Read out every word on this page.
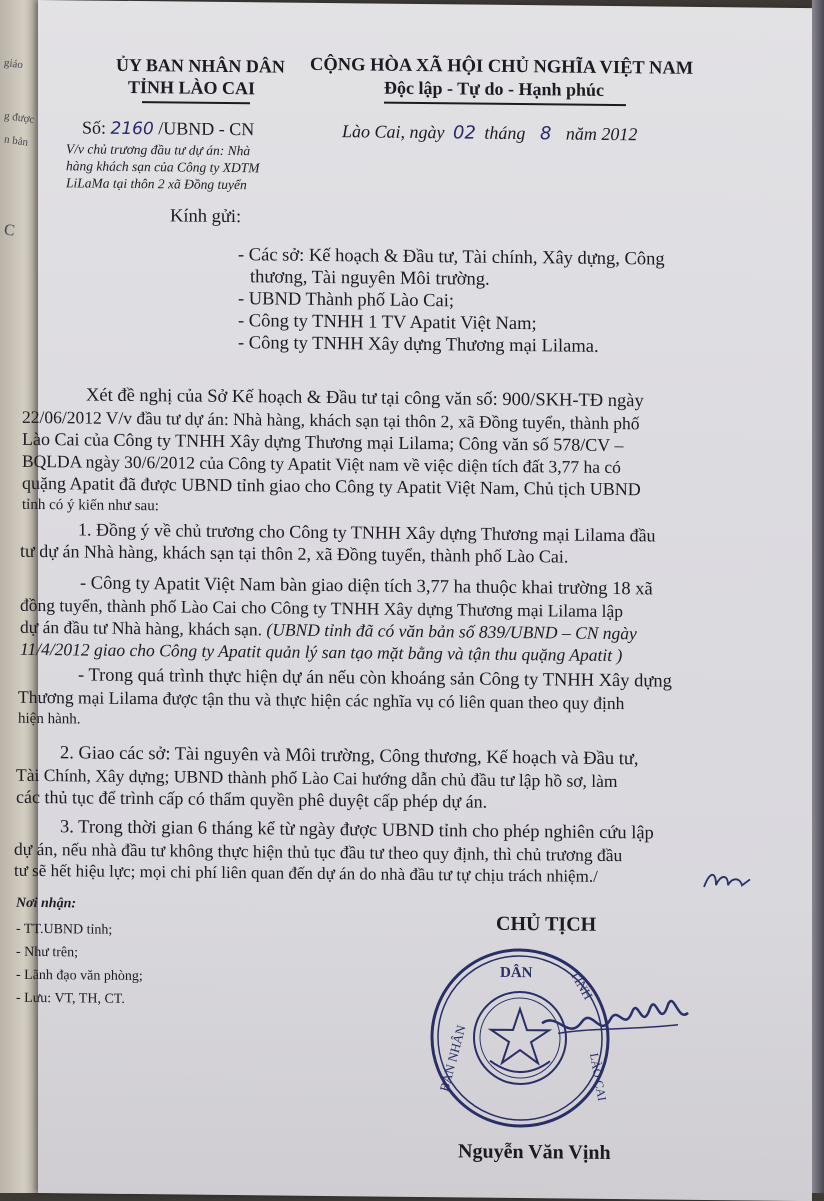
giáo
g được
n bản
C
ỦY BAN NHÂN DÂN
TỈNH LÀO CAI
CỘNG HÒA XÃ HỘI CHỦ NGHĨA VIỆT NAM
Độc lập - Tự do - Hạnh phúc
Số: 2160 /UBND - CN	Lào Cai, ngày 02 tháng 8 năm 2012
V/v chủ trương đầu tư dự án: Nhà
hàng khách sạn của Công ty XDTM
LiLaMa tại thôn 2 xã Đồng tuyển
Kính gửi:
- Các sở: Kế hoạch & Đầu tư, Tài chính, Xây dựng, Công
thương, Tài nguyên Môi trường.
- UBND Thành phố Lào Cai;
- Công ty TNHH 1 TV Apatit Việt Nam;
- Công ty TNHH Xây dựng Thương mại Lilama.
Xét đề nghị của Sở Kế hoạch & Đầu tư tại công văn số: 900/SKH-TĐ ngày
22/06/2012 V/v đầu tư dự án: Nhà hàng, khách sạn tại thôn 2, xã Đồng tuyển, thành phố
Lào Cai của Công ty TNHH Xây dựng Thương mại Lilama; Công văn số 578/CV –
BQLDA ngày 30/6/2012 của Công ty Apatit Việt nam về việc diện tích đất 3,77 ha có
quặng Apatit đã được UBND tỉnh giao cho Công ty Apatit Việt Nam, Chủ tịch UBND
tỉnh có ý kiến như sau:
1. Đồng ý về chủ trương cho Công ty TNHH Xây dựng Thương mại Lilama đầu
tư dự án Nhà hàng, khách sạn tại thôn 2, xã Đồng tuyển, thành phố Lào Cai.
- Công ty Apatit Việt Nam bàn giao diện tích 3,77 ha thuộc khai trường 18 xã
đồng tuyển, thành phố Lào Cai cho Công ty TNHH Xây dựng Thương mại Lilama lập
dự án đầu tư Nhà hàng, khách sạn. (UBND tỉnh đã có văn bản số 839/UBND – CN ngày
11/4/2012 giao cho Công ty Apatit quản lý san tạo mặt bằng và tận thu quặng Apatit )
- Trong quá trình thực hiện dự án nếu còn khoáng sản Công ty TNHH Xây dựng
Thương mại Lilama được tận thu và thực hiện các nghĩa vụ có liên quan theo quy định
hiện hành.
2. Giao các sở: Tài nguyên và Môi trường, Công thương, Kế hoạch và Đầu tư,
Tài Chính, Xây dựng; UBND thành phố Lào Cai hướng dẫn chủ đầu tư lập hồ sơ, làm
các thủ tục để trình cấp có thẩm quyền phê duyệt cấp phép dự án.
3. Trong thời gian 6 tháng kể từ ngày được UBND tỉnh cho phép nghiên cứu lập
dự án, nếu nhà đầu tư không thực hiện thủ tục đầu tư theo quy định, thì chủ trương đầu
tư sẽ hết hiệu lực; mọi chi phí liên quan đến dự án do nhà đầu tư tự chịu trách nhiệm./
Nơi nhận:
- TT.UBND tỉnh;
- Như trên;
- Lãnh đạo văn phòng;
- Lưu: VT, TH, CT.
CHỦ TỊCH
DÂN
BAN NHÂN
TỈNH
LÀO CAI
Nguyễn Văn Vịnh
